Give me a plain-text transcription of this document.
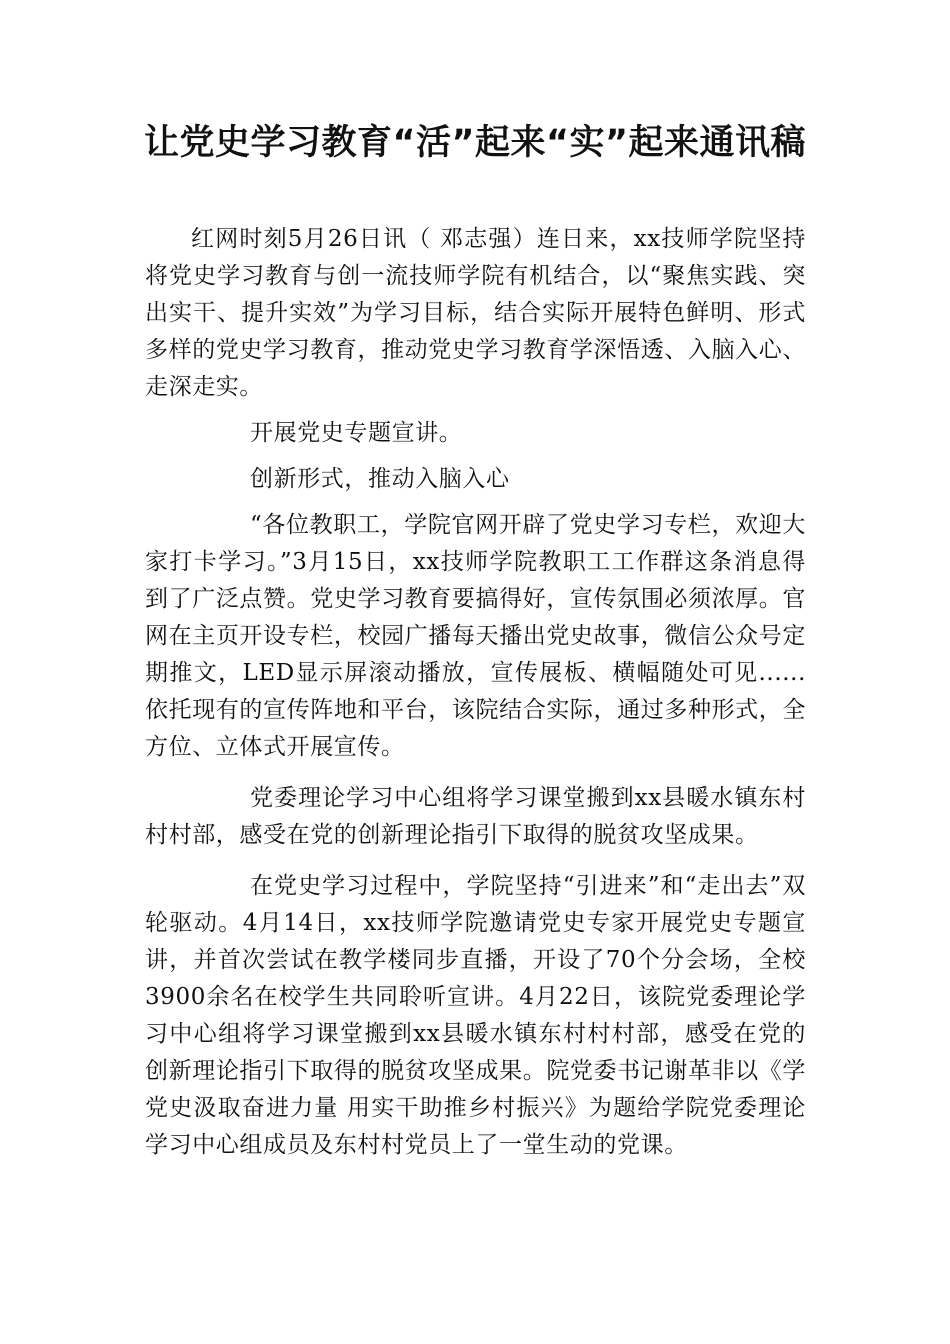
让党史学习教育“活”起来“实”起来通讯稿

红网时刻5月26日讯（ 邓志强）连日来，xx技师学院坚持将党史学习教育与创一流技师学院有机结合，以“聚焦实践、突出实干、提升实效”为学习目标，结合实际开展特色鲜明、形式多样的党史学习教育，推动党史学习教育学深悟透、入脑入心、走深走实。

开展党史专题宣讲。

创新形式，推动入脑入心

“各位教职工，学院官网开辟了党史学习专栏，欢迎大家打卡学习。”3月15日，xx技师学院教职工工作群这条消息得到了广泛点赞。党史学习教育要搞得好，宣传氛围必须浓厚。官网在主页开设专栏，校园广播每天播出党史故事，微信公众号定期推文，LED显示屏滚动播放，宣传展板、横幅随处可见......依托现有的宣传阵地和平台，该院结合实际，通过多种形式，全方位、立体式开展宣传。

党委理论学习中心组将学习课堂搬到xx县暖水镇东村村村部，感受在党的创新理论指引下取得的脱贫攻坚成果。

在党史学习过程中，学院坚持“引进来”和“走出去”双轮驱动。4月14日，xx技师学院邀请党史专家开展党史专题宣讲，并首次尝试在教学楼同步直播，开设了70个分会场，全校3900余名在校学生共同聆听宣讲。4月22日，该院党委理论学习中心组将学习课堂搬到xx县暖水镇东村村村部，感受在党的创新理论指引下取得的脱贫攻坚成果。院党委书记谢革非以《学党史汲取奋进力量 用实干助推乡村振兴》为题给学院党委理论学习中心组成员及东村村党员上了一堂生动的党课。
